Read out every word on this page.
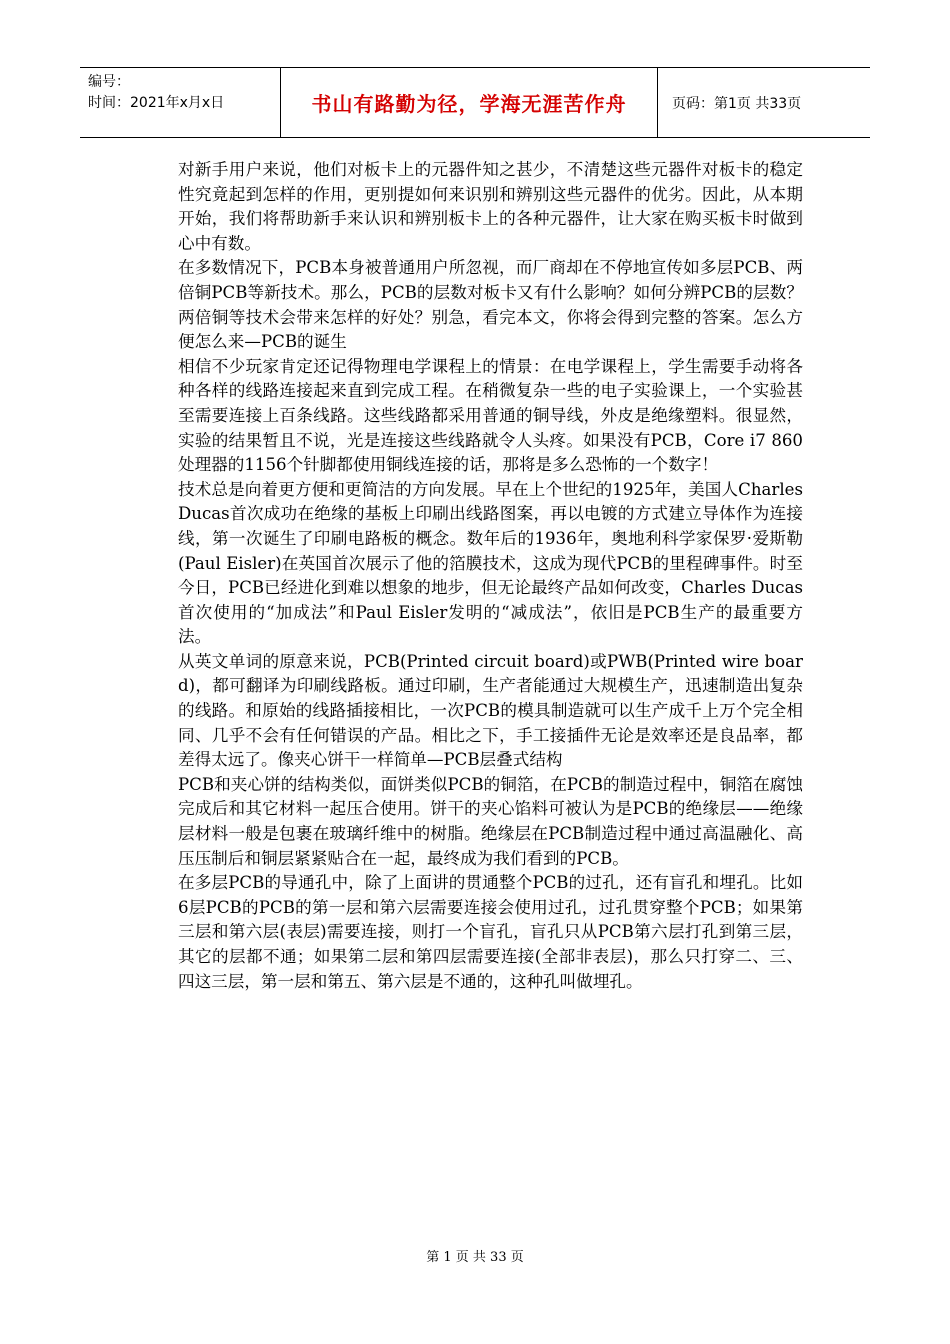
编号：
时间：2021年x月x日	书山有路勤为径，学海无涯苦作舟	页码：第1页 共33页

对新手用户来说，他们对板卡上的元器件知之甚少，不清楚这些元器件对板卡的稳定性究竟起到怎样的作用，更别提如何来识别和辨别这些元器件的优劣。因此，从本期开始，我们将帮助新手来认识和辨别板卡上的各种元器件，让大家在购买板卡时做到心中有数。

在多数情况下，PCB本身被普通用户所忽视，而厂商却在不停地宣传如多层PCB、两倍铜PCB等新技术。那么，PCB的层数对板卡又有什么影响？如何分辨PCB的层数？两倍铜等技术会带来怎样的好处？别急，看完本文，你将会得到完整的答案。怎么方便怎么来—PCB的诞生

相信不少玩家肯定还记得物理电学课程上的情景：在电学课程上，学生需要手动将各种各样的线路连接起来直到完成工程。在稍微复杂一些的电子实验课上，一个实验甚至需要连接上百条线路。这些线路都采用普通的铜导线，外皮是绝缘塑料。很显然，实验的结果暂且不说，光是连接这些线路就令人头疼。如果没有PCB，Core i7 860处理器的1156个针脚都使用铜线连接的话，那将是多么恐怖的一个数字！

技术总是向着更方便和更简洁的方向发展。早在上个世纪的1925年，美国人Charles Ducas首次成功在绝缘的基板上印刷出线路图案，再以电镀的方式建立导体作为连接线，第一次诞生了印刷电路板的概念。数年后的1936年，奥地利科学家保罗·爱斯勒(Paul Eisler)在英国首次展示了他的箔膜技术，这成为现代PCB的里程碑事件。时至今日，PCB已经进化到难以想象的地步，但无论最终产品如何改变，Charles Ducas首次使用的“加成法”和Paul Eisler发明的“减成法”，依旧是PCB生产的最重要方法。

从英文单词的原意来说，PCB(Printed circuit board)或PWB(Printed wire board)，都可翻译为印刷线路板。通过印刷，生产者能通过大规模生产，迅速制造出复杂的线路。和原始的线路插接相比，一次PCB的模具制造就可以生产成千上万个完全相同、几乎不会有任何错误的产品。相比之下，手工接插件无论是效率还是良品率，都差得太远了。像夹心饼干一样简单—PCB层叠式结构

PCB和夹心饼的结构类似，面饼类似PCB的铜箔，在PCB的制造过程中，铜箔在腐蚀完成后和其它材料一起压合使用。饼干的夹心馅料可被认为是PCB的绝缘层——绝缘层材料一般是包裹在玻璃纤维中的树脂。绝缘层在PCB制造过程中通过高温融化、高压压制后和铜层紧紧贴合在一起，最终成为我们看到的PCB。

在多层PCB的导通孔中，除了上面讲的贯通整个PCB的过孔，还有盲孔和埋孔。比如6层PCB的PCB的第一层和第六层需要连接会使用过孔，过孔贯穿整个PCB；如果第三层和第六层(表层)需要连接，则打一个盲孔，盲孔只从PCB第六层打孔到第三层，其它的层都不通；如果第二层和第四层需要连接(全部非表层)，那么只打穿二、三、四这三层，第一层和第五、第六层是不通的，这种孔叫做埋孔。

第 1 页 共 33 页
